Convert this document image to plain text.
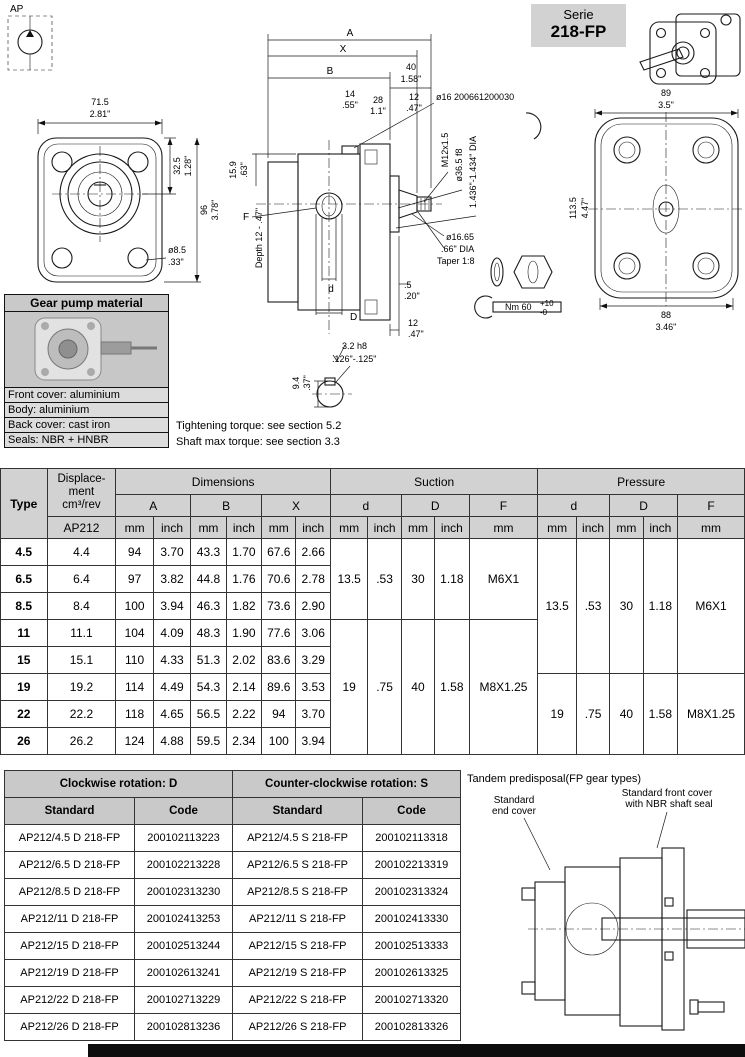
AP
71.5
2.81"
32.5 1.28"
96 3.78"
ø8.5
.33"
A
X
B	40
1.58"
14
.55" 28
1.1"
12
.47"
ø16 200661200030
M12x1.5 ø36.5 f8 1.436"-1.434" DIA
15.9 .63"
F Depth 12 - .47"
d
D
.5
.20"
12
.47"
ø16.65
.66" DIA
Taper 1:8
Nm 60 +10
-0
3.2 h8
.126"-.125"
9.4 .37"
89
3.5"
113.5 4.47"
88
3.46"
Serie
218-FP
Gear pump material
Front cover: aluminium
Body: aluminium
Back cover: cast iron
Seals: NBR + HNBR
Tightening torque: see section 5.2
Shaft max torque: see section 3.3
Type	Displace-
ment
cm³/rev	Dimensions						Suction					Pressure				
		A		B		X		d		D		F	d		D		F
	AP212	mm	inch	mm	inch	mm	inch	mm	inch	mm	inch	mm	mm	inch	mm	inch	mm
4.5	4.4	94	3.70	43.3	1.70	67.6	2.66	13.5	.53	30	1.18	M6X1	13.5	.53	30	1.18	M6X1
6.5	6.4	97	3.82	44.8	1.76	70.6	2.78										
8.5	8.4	100	3.94	46.3	1.82	73.6	2.90										
11	11.1	104	4.09	48.3	1.90	77.6	3.06	19	.75	40	1.58	M8X1.25					
15	15.1	110	4.33	51.3	2.02	83.6	3.29										
19	19.2	114	4.49	54.3	2.14	89.6	3.53						19	.75	40	1.58	M8X1.25
22	22.2	118	4.65	56.5	2.22	94	3.70										
26	26.2	124	4.88	59.5	2.34	100	3.94										
Clockwise rotation: D		Counter-clockwise rotation: S	
Standard	Code	Standard	Code
AP212/4.5 D 218-FP	200102113223	AP212/4.5 S 218-FP	200102113318
AP212/6.5 D 218-FP	200102213228	AP212/6.5 S 218-FP	200102213319
AP212/8.5 D 218-FP	200102313230	AP212/8.5 S 218-FP	200102313324
AP212/11 D 218-FP	200102413253	AP212/11 S 218-FP	200102413330
AP212/15 D 218-FP	200102513244	AP212/15 S 218-FP	200102513333
AP212/19 D 218-FP	200102613241	AP212/19 S 218-FP	200102613325
AP212/22 D 218-FP	200102713229	AP212/22 S 218-FP	200102713320
AP212/26 D 218-FP	200102813236	AP212/26 S 218-FP	200102813326
Tandem predisposal(FP gear types)
Standard
end cover
Standard front cover
with NBR shaft seal
